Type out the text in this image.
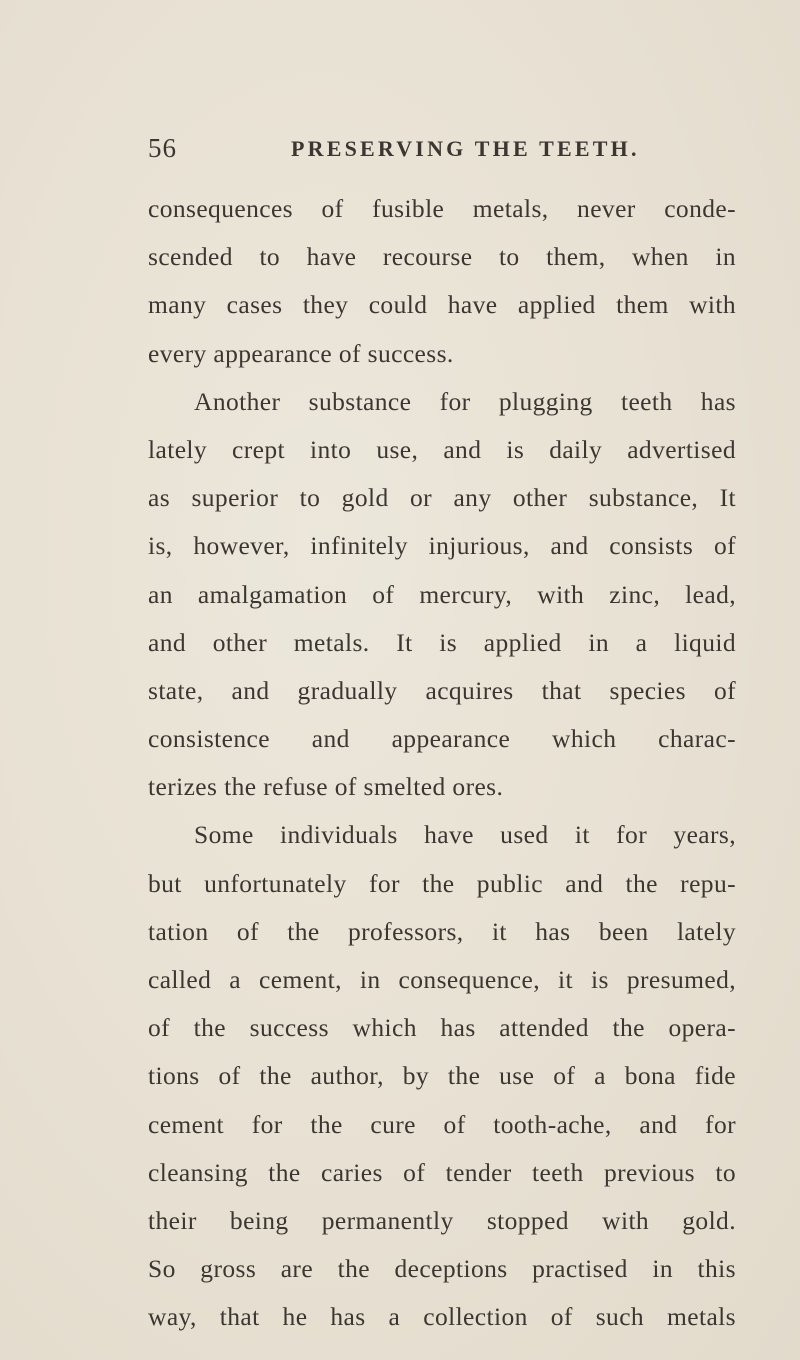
56	PRESERVING THE TEETH.
consequences of fusible metals, never conde-
scended to have recourse to them, when in
many cases they could have applied them with
every appearance of success.
Another substance for plugging teeth has
lately crept into use, and is daily advertised
as superior to gold or any other substance, It
is, however, infinitely injurious, and consists of
an amalgamation of mercury, with zinc, lead,
and other metals. It is applied in a liquid
state, and gradually acquires that species of
consistence and appearance which charac-
terizes the refuse of smelted ores.
Some individuals have used it for years,
but unfortunately for the public and the repu-
tation of the professors, it has been lately
called a cement, in consequence, it is presumed,
of the success which has attended the opera-
tions of the author, by the use of a bona fide
cement for the cure of tooth-ache, and for
cleansing the caries of tender teeth previous to
their being permanently stopped with gold.
So gross are the deceptions practised in this
way, that he has a collection of such metals
